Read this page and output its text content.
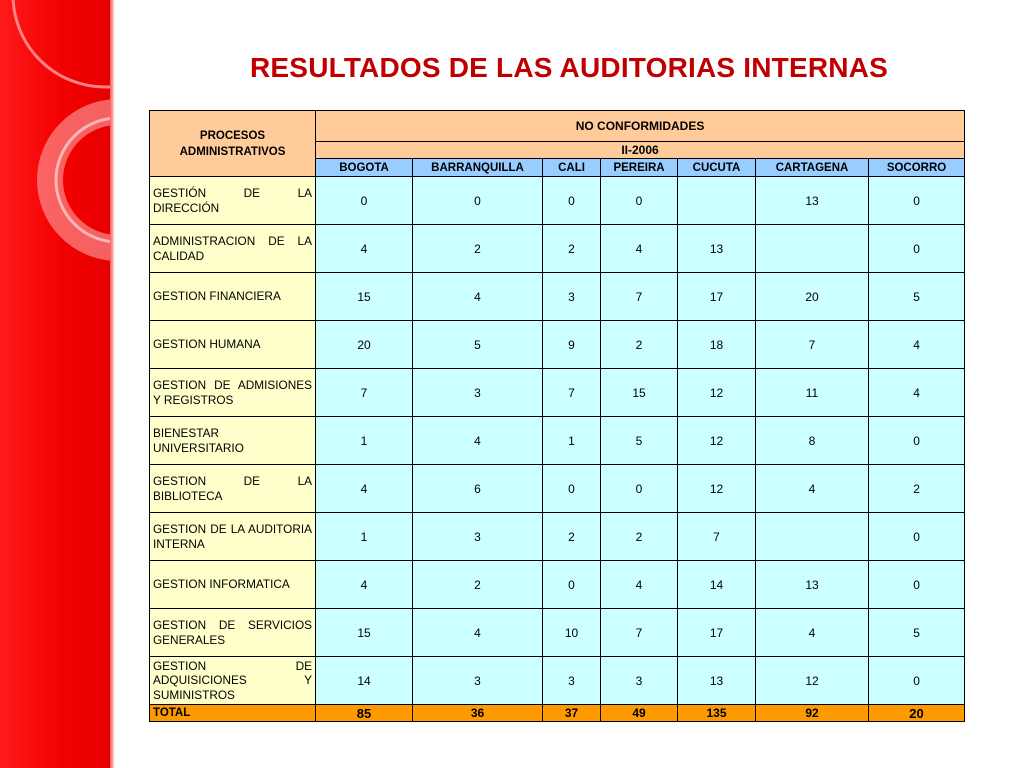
RESULTADOS DE LAS AUDITORIAS INTERNAS
PROCESOS ADMINISTRATIVOS	NO CONFORMIDADES						
	II-2006						
	BOGOTA	BARRANQUILLA	CALI	PEREIRA	CUCUTA	CARTAGENA	SOCORRO
GESTIÓN DE LA DIRECCIÓN	0	0	0	0		13	0
ADMINISTRACION DE LA CALIDAD	4	2	2	4	13		0
GESTION FINANCIERA	15	4	3	7	17	20	5
GESTION HUMANA	20	5	9	2	18	7	4
GESTION DE ADMISIONES Y REGISTROS	7	3	7	15	12	11	4
BIENESTAR UNIVERSITARIO	1	4	1	5	12	8	0
GESTION DE LA BIBLIOTECA	4	6	0	0	12	4	2
GESTION DE LA AUDITORIA INTERNA	1	3	2	2	7		0
GESTION INFORMATICA	4	2	0	4	14	13	0
GESTION DE SERVICIOS GENERALES	15	4	10	7	17	4	5
GESTION DE ADQUISICIONES Y SUMINISTROS	14	3	3	3	13	12	0
TOTAL	85	36	37	49	135	92	20
